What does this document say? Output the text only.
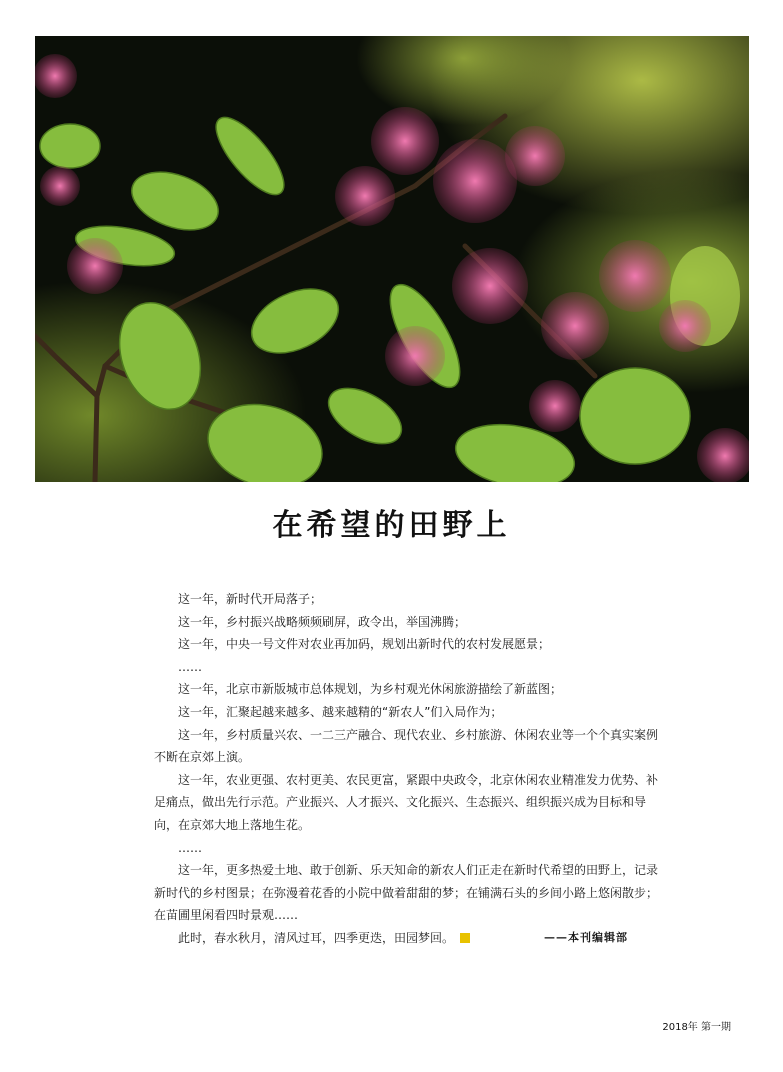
在希望的田野上

这一年，新时代开局落子；

这一年，乡村振兴战略频频刷屏，政令出，举国沸腾；

这一年，中央一号文件对农业再加码，规划出新时代的农村发展愿景；

……

这一年，北京市新版城市总体规划，为乡村观光休闲旅游描绘了新蓝图；

这一年，汇聚起越来越多、越来越精的“新农人”们入局作为；

这一年，乡村质量兴农、一二三产融合、现代农业、乡村旅游、休闲农业等一个个真实案例不断在京郊上演。

这一年，农业更强、农村更美、农民更富，紧跟中央政令，北京休闲农业精准发力优势、补足痛点，做出先行示范。产业振兴、人才振兴、文化振兴、生态振兴、组织振兴成为目标和导向，在京郊大地上落地生花。

……

这一年，更多热爱土地、敢于创新、乐天知命的新农人们正走在新时代希望的田野上，记录新时代的乡村图景；在弥漫着花香的小院中做着甜甜的梦；在铺满石头的乡间小路上悠闲散步；在苗圃里闲看四时景观……

此时，春水秋月，清风过耳，四季更迭，田园梦回。	——本刊编辑部
2018年 第一期
